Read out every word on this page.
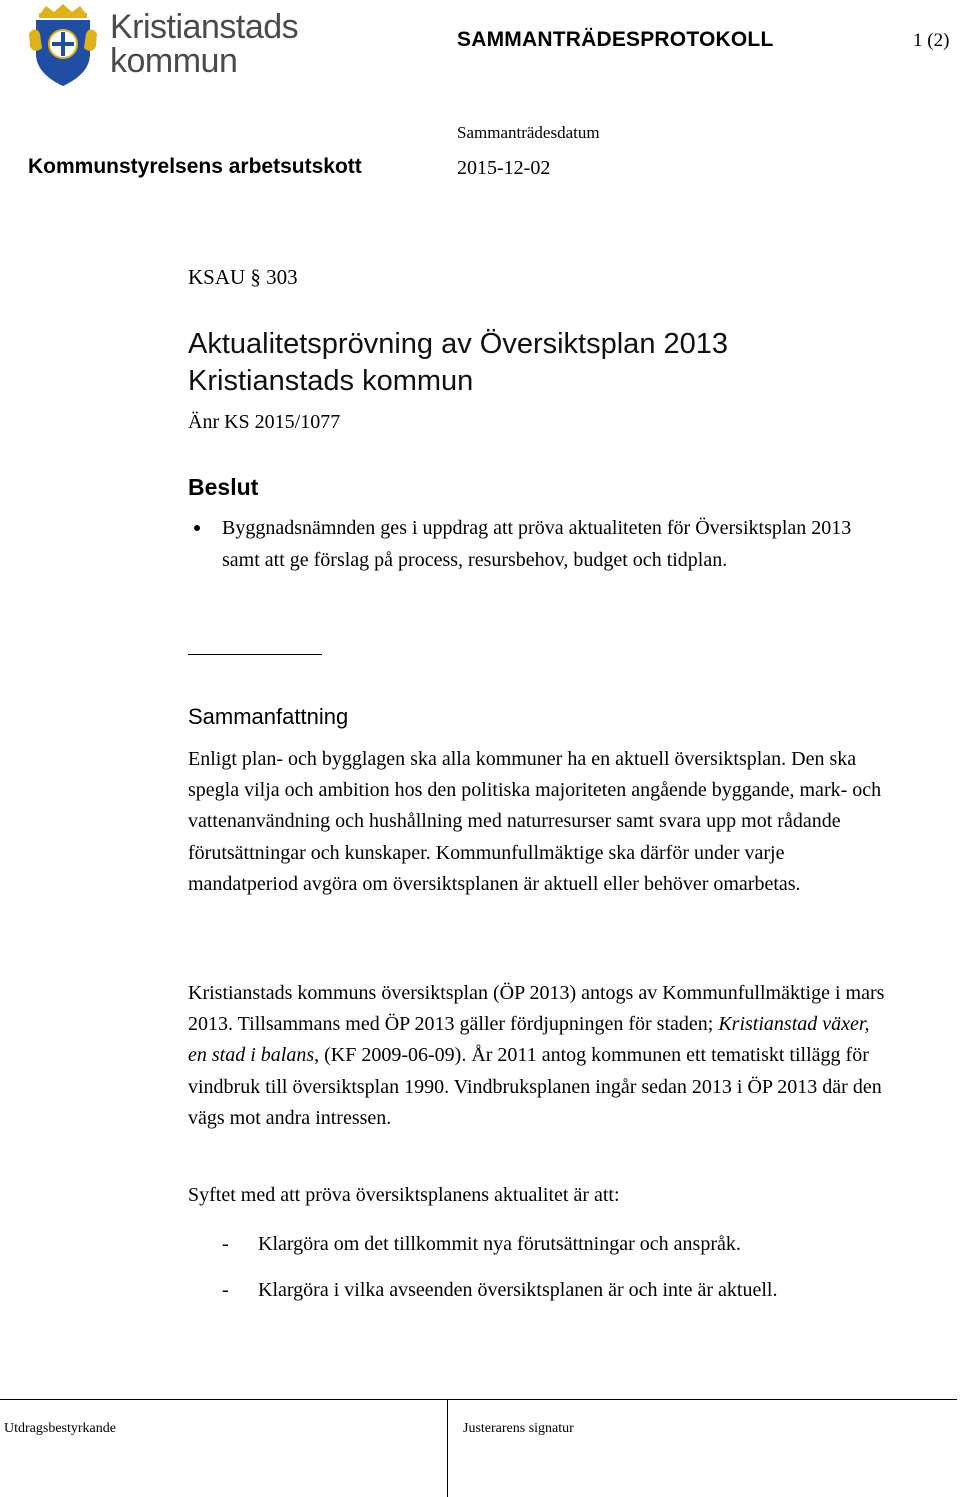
Kristianstads
kommun
SAMMANTRÄDESPROTOKOLL	1 (2)
Sammanträdesdatum
Kommunstyrelsens arbetsutskott	2015-12-02
KSAU § 303
Aktualitetsprövning av Översiktsplan 2013
Kristianstads kommun
Änr KS 2015/1077
Beslut
Byggnadsnämnden ges i uppdrag att pröva aktualiteten för Översiktsplan 2013 samt att ge förslag på process, resursbehov, budget och tidplan.
Sammanfattning

Enligt plan- och bygglagen ska alla kommuner ha en aktuell översiktsplan. Den ska spegla vilja och ambition hos den politiska majoriteten angående byggande, mark- och vattenanvändning och hushållning med naturresurser samt svara upp mot rådande förutsättningar och kunskaper. Kommunfullmäktige ska därför under varje mandatperiod avgöra om översiktsplanen är aktuell eller behöver omarbetas.

Kristianstads kommuns översiktsplan (ÖP 2013) antogs av Kommunfullmäktige i mars 2013. Tillsammans med ÖP 2013 gäller fördjupningen för staden; Kristianstad växer, en stad i balans, (KF 2009-06-09). År 2011 antog kommunen ett tematiskt tillägg för vindbruk till översiktsplan 1990. Vindbruksplanen ingår sedan 2013 i ÖP 2013 där den vägs mot andra intressen.

Syftet med att pröva översiktsplanens aktualitet är att:

- Klargöra om det tillkommit nya förutsättningar och anspråk.
- Klargöra i vilka avseenden översiktsplanen är och inte är aktuell.
Utdragsbestyrkande	Justerarens signatur
